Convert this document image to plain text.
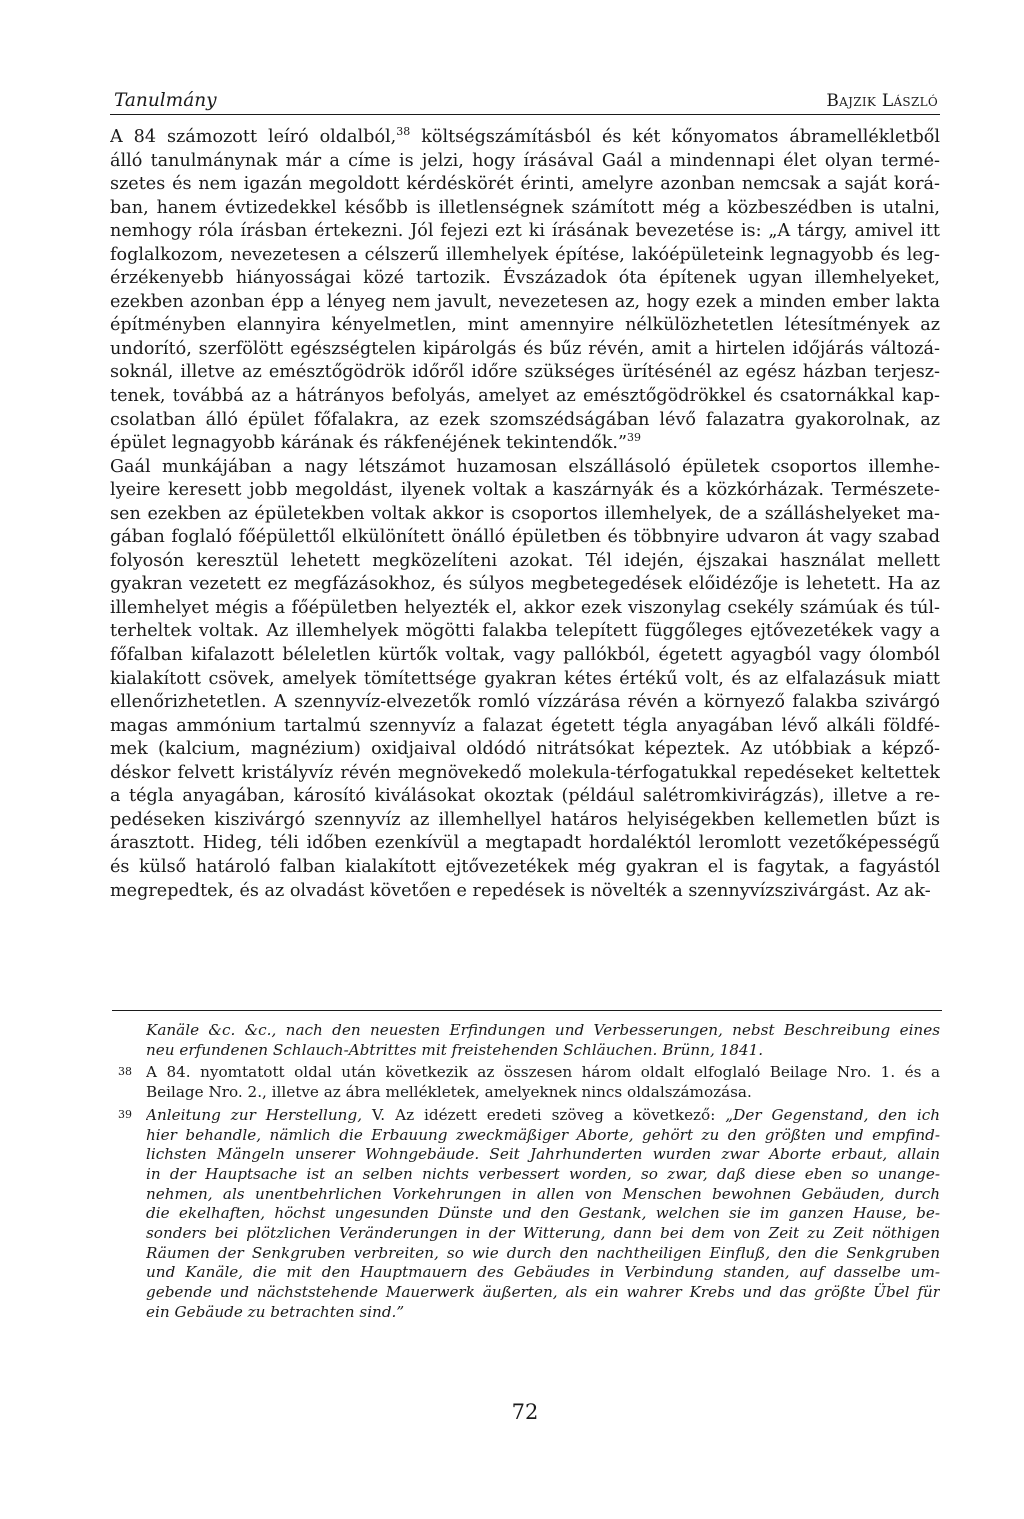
Tanulmány	Bajzik László
A 84 számozott leíró oldalból,$^{38}$ költségszámításból és két kőnyomatos ábramellékletből
álló tanulmánynak már a címe is jelzi, hogy írásával Gaál a mindennapi élet olyan termé-
szetes és nem igazán megoldott kérdéskörét érinti, amelyre azonban nemcsak a saját korá-
ban, hanem évtizedekkel később is illetlenségnek számított még a közbeszédben is utalni,
nemhogy róla írásban értekezni. Jól fejezi ezt ki írásának bevezetése is: „A tárgy, amivel itt
foglalkozom, nevezetesen a célszerű illemhelyek építése, lakóépületeink legnagyobb és leg-
érzékenyebb hiányosságai közé tartozik. Évszázadok óta építenek ugyan illemhelyeket,
ezekben azonban épp a lényeg nem javult, nevezetesen az, hogy ezek a minden ember lakta
építményben elannyira kényelmetlen, mint amennyire nélkülözhetetlen létesítmények az
undorító, szerfölött egészségtelen kipárolgás és bűz révén, amit a hirtelen időjárás változá-
soknál, illetve az emésztőgödrök időről időre szükséges ürítésénél az egész házban terjesz-
tenek, továbbá az a hátrányos befolyás, amelyet az emésztőgödrökkel és csatornákkal kap-
csolatban álló épület főfalakra, az ezek szomszédságában lévő falazatra gyakorolnak, az
épület legnagyobb kárának és rákfenéjének tekintendők.”$^{39}$
Gaál munkájában a nagy létszámot huzamosan elszállásoló épületek csoportos illemhe-
lyeire keresett jobb megoldást, ilyenek voltak a kaszárnyák és a közkórházak. Természete-
sen ezekben az épületekben voltak akkor is csoportos illemhelyek, de a szálláshelyeket ma-
gában foglaló főépülettől elkülönített önálló épületben és többnyire udvaron át vagy szabad
folyosón keresztül lehetett megközelíteni azokat. Tél idején, éjszakai használat mellett
gyakran vezetett ez megfázásokhoz, és súlyos megbetegedések előidézője is lehetett. Ha az
illemhelyet mégis a főépületben helyezték el, akkor ezek viszonylag csekély számúak és túl-
terheltek voltak. Az illemhelyek mögötti falakba telepített függőleges ejtővezetékek vagy a
főfalban kifalazott béleletlen kürtők voltak, vagy pallókból, égetett agyagból vagy ólomból
kialakított csövek, amelyek tömítettsége gyakran kétes értékű volt, és az elfalazásuk miatt
ellenőrizhetetlen. A szennyvíz-elvezetők romló vízzárása révén a környező falakba szivárgó
magas ammónium tartalmú szennyvíz a falazat égetett tégla anyagában lévő alkáli földfé-
mek (kalcium, magnézium) oxidjaival oldódó nitrátsókat képeztek. Az utóbbiak a képző-
déskor felvett kristályvíz révén megnövekedő molekula-térfogatukkal repedéseket keltettek
a tégla anyagában, károsító kiválásokat okoztak (például salétromkivirágzás), illetve a re-
pedéseken kiszivárgó szennyvíz az illemhellyel határos helyiségekben kellemetlen bűzt is
árasztott. Hideg, téli időben ezenkívül a megtapadt hordaléktól leromlott vezetőképességű
és külső határoló falban kialakított ejtővezetékek még gyakran el is fagytak, a fagyástól
megrepedtek, és az olvadást követően e repedések is növelték a szennyvízszivárgást. Az ak-
Kanäle &c. &c., nach den neuesten Erfindungen und Verbesserungen, nebst Beschreibung eines
neu erfundenen Schlauch-Abtrittes mit freistehenden Schläuchen. Brünn, 1841.
38 A 84. nyomtatott oldal után következik az összesen három oldalt elfoglaló Beilage Nro. 1. és a
Beilage Nro. 2., illetve az ábra mellékletek, amelyeknek nincs oldalszámozása.
39 Anleitung zur Herstellung, V. Az idézett eredeti szöveg a következő: „Der Gegenstand, den ich
hier behandle, nämlich die Erbauung zweckmäßiger Aborte, gehört zu den größten und empfind-
lichsten Mängeln unserer Wohngebäude. Seit Jahrhunderten wurden zwar Aborte erbaut, allain
in der Hauptsache ist an selben nichts verbessert worden, so zwar, daß diese eben so unange-
nehmen, als unentbehrlichen Vorkehrungen in allen von Menschen bewohnen Gebäuden, durch
die ekelhaften, höchst ungesunden Dünste und den Gestank, welchen sie im ganzen Hause, be-
sonders bei plötzlichen Veränderungen in der Witterung, dann bei dem von Zeit zu Zeit nöthigen
Räumen der Senkgruben verbreiten, so wie durch den nachtheiligen Einfluß, den die Senkgruben
und Kanäle, die mit den Hauptmauern des Gebäudes in Verbindung standen, auf dasselbe um-
gebende und nächststehende Mauerwerk äußerten, als ein wahrer Krebs und das größte Übel für
ein Gebäude zu betrachten sind.”
72
